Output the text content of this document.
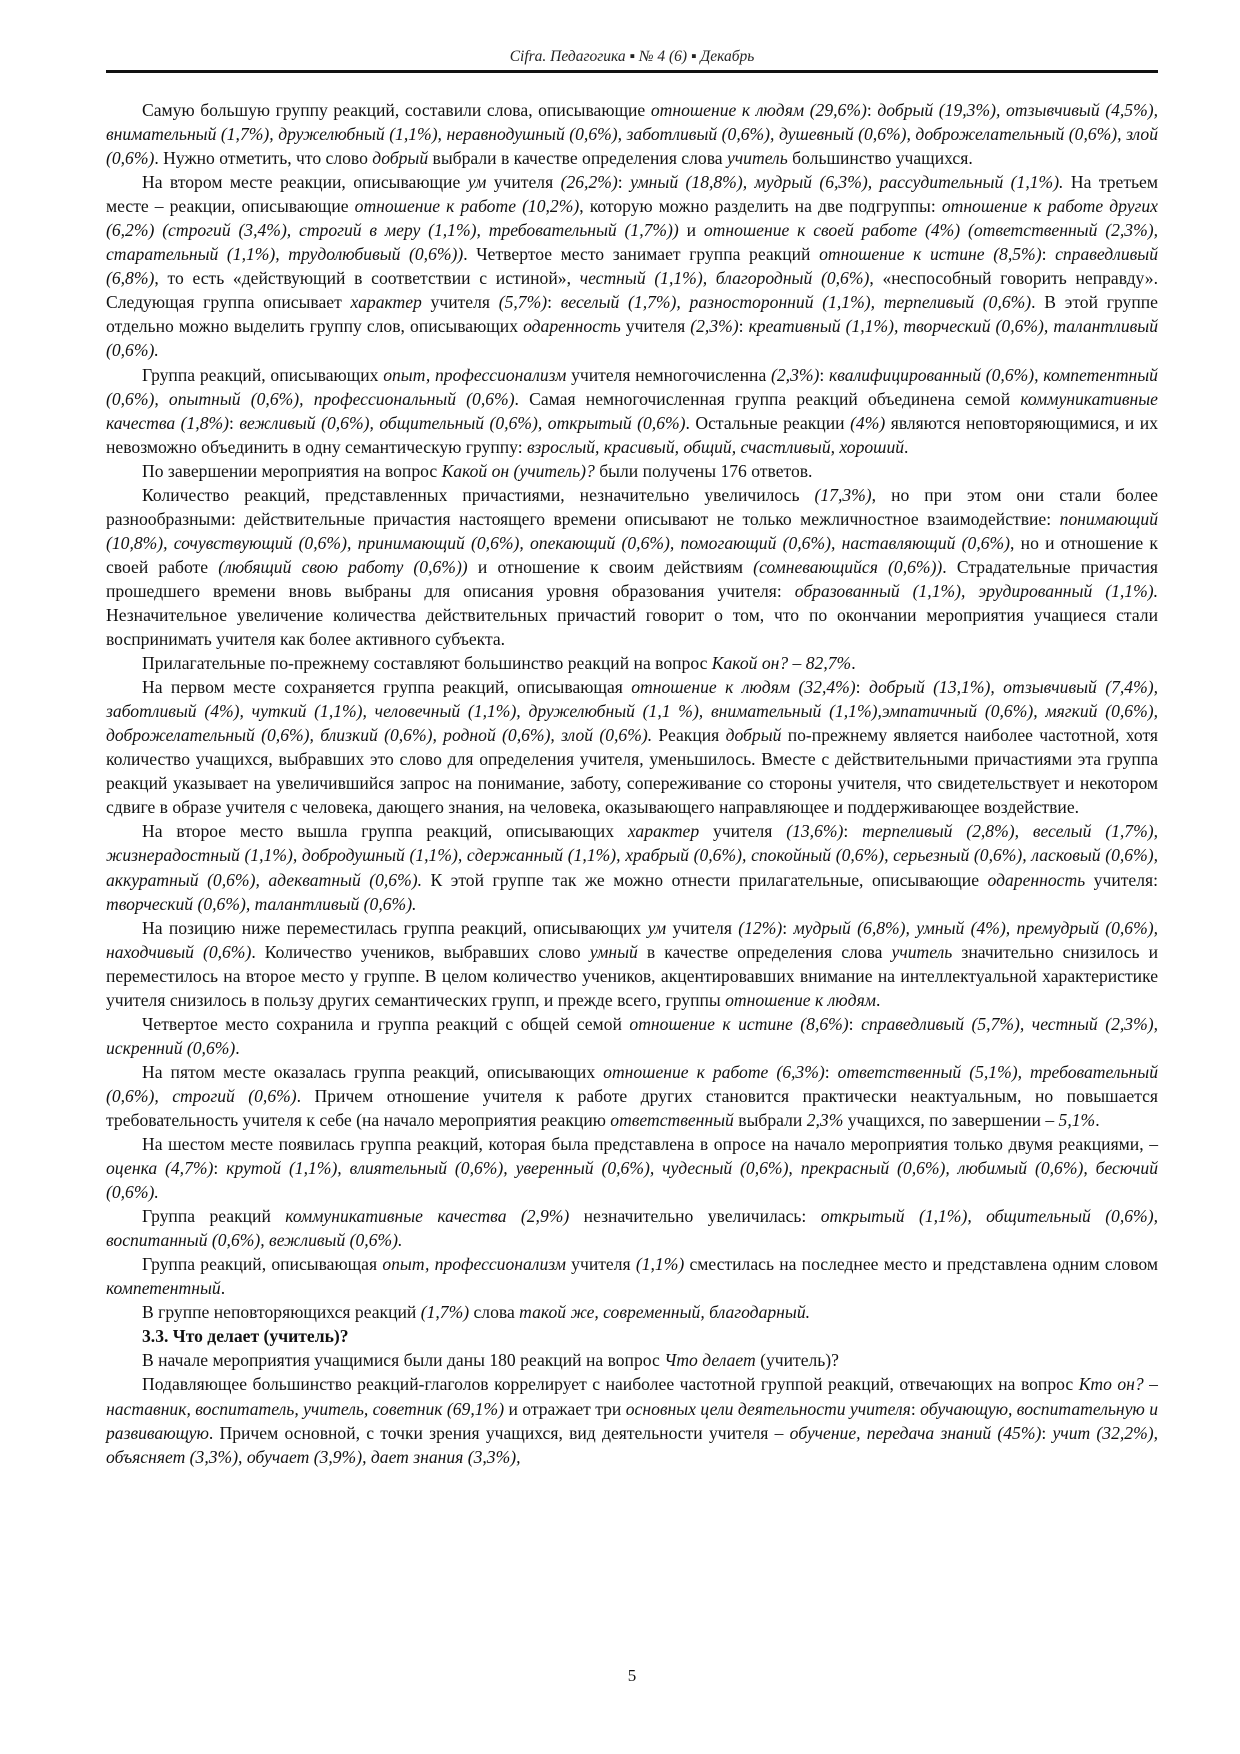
Cifra. Педагогика ▪ № 4 (6) ▪ Декабрь

Самую большую группу реакций, составили слова, описывающие отношение к людям (29,6%): добрый (19,3%), отзывчивый (4,5%), внимательный (1,7%), дружелюбный (1,1%), неравнодушный (0,6%), заботливый (0,6%), душевный (0,6%), доброжелательный (0,6%), злой (0,6%). Нужно отметить, что слово добрый выбрали в качестве определения слова учитель большинство учащихся.

На втором месте реакции, описывающие ум учителя (26,2%): умный (18,8%), мудрый (6,3%), рассудительный (1,1%). На третьем месте – реакции, описывающие отношение к работе (10,2%), которую можно разделить на две подгруппы: отношение к работе других (6,2%) (строгий (3,4%), строгий в меру (1,1%), требовательный (1,7%)) и отношение к своей работе (4%) (ответственный (2,3%), старательный (1,1%), трудолюбивый (0,6%)). Четвертое место занимает группа реакций отношение к истине (8,5%): справедливый (6,8%), то есть «действующий в соответствии с истиной», честный (1,1%), благородный (0,6%), «неспособный говорить неправду». Следующая группа описывает характер учителя (5,7%): веселый (1,7%), разносторонний (1,1%), терпеливый (0,6%). В этой группе отдельно можно выделить группу слов, описывающих одаренность учителя (2,3%): креативный (1,1%), творческий (0,6%), талантливый (0,6%).

Группа реакций, описывающих опыт, профессионализм учителя немногочисленна (2,3%): квалифицированный (0,6%), компетентный (0,6%), опытный (0,6%), профессиональный (0,6%). Самая немногочисленная группа реакций объединена семой коммуникативные качества (1,8%): вежливый (0,6%), общительный (0,6%), открытый (0,6%). Остальные реакции (4%) являются неповторяющимися, и их невозможно объединить в одну семантическую группу: взрослый, красивый, общий, счастливый, хороший.

По завершении мероприятия на вопрос Какой он (учитель)? были получены 176 ответов.

Количество реакций, представленных причастиями, незначительно увеличилось (17,3%), но при этом они стали более разнообразными: действительные причастия настоящего времени описывают не только межличностное взаимодействие: понимающий (10,8%), сочувствующий (0,6%), принимающий (0,6%), опекающий (0,6%), помогающий (0,6%), наставляющий (0,6%), но и отношение к своей работе (любящий свою работу (0,6%)) и отношение к своим действиям (сомневающийся (0,6%)). Страдательные причастия прошедшего времени вновь выбраны для описания уровня образования учителя: образованный (1,1%), эрудированный (1,1%). Незначительное увеличение количества действительных причастий говорит о том, что по окончании мероприятия учащиеся стали воспринимать учителя как более активного субъекта.

Прилагательные по-прежнему составляют большинство реакций на вопрос Какой он? – 82,7%.

На первом месте сохраняется группа реакций, описывающая отношение к людям (32,4%): добрый (13,1%), отзывчивый (7,4%), заботливый (4%), чуткий (1,1%), человечный (1,1%), дружелюбный (1,1 %), внимательный (1,1%),эмпатичный (0,6%), мягкий (0,6%), доброжелательный (0,6%), близкий (0,6%), родной (0,6%), злой (0,6%). Реакция добрый по-прежнему является наиболее частотной, хотя количество учащихся, выбравших это слово для определения учителя, уменьшилось. Вместе с действительными причастиями эта группа реакций указывает на увеличившийся запрос на понимание, заботу, сопереживание со стороны учителя, что свидетельствует и некотором сдвиге в образе учителя с человека, дающего знания, на человека, оказывающего направляющее и поддерживающее воздействие.

На второе место вышла группа реакций, описывающих характер учителя (13,6%): терпеливый (2,8%), веселый (1,7%), жизнерадостный (1,1%), добродушный (1,1%), сдержанный (1,1%), храбрый (0,6%), спокойный (0,6%), серьезный (0,6%), ласковый (0,6%), аккуратный (0,6%), адекватный (0,6%). К этой группе так же можно отнести прилагательные, описывающие одаренность учителя: творческий (0,6%), талантливый (0,6%).

На позицию ниже переместилась группа реакций, описывающих ум учителя (12%): мудрый (6,8%), умный (4%), премудрый (0,6%), находчивый (0,6%). Количество учеников, выбравших слово умный в качестве определения слова учитель значительно снизилось и переместилось на второе место у группе. В целом количество учеников, акцентировавших внимание на интеллектуальной характеристике учителя снизилось в пользу других семантических групп, и прежде всего, группы отношение к людям.

Четвертое место сохранила и группа реакций с общей семой отношение к истине (8,6%): справедливый (5,7%), честный (2,3%), искренний (0,6%).

На пятом месте оказалась группа реакций, описывающих отношение к работе (6,3%): ответственный (5,1%), требовательный (0,6%), строгий (0,6%). Причем отношение учителя к работе других становится практически неактуальным, но повышается требовательность учителя к себе (на начало мероприятия реакцию ответственный выбрали 2,3% учащихся, по завершении – 5,1%.

На шестом месте появилась группа реакций, которая была представлена в опросе на начало мероприятия только двумя реакциями, – оценка (4,7%): крутой (1,1%), влиятельный (0,6%), уверенный (0,6%), чудесный (0,6%), прекрасный (0,6%), любимый (0,6%), бесючий (0,6%).

Группа реакций коммуникативные качества (2,9%) незначительно увеличилась: открытый (1,1%), общительный (0,6%), воспитанный (0,6%), вежливый (0,6%).

Группа реакций, описывающая опыт, профессионализм учителя (1,1%) сместилась на последнее место и представлена одним словом компетентный.

В группе неповторяющихся реакций (1,7%) слова такой же, современный, благодарный.

3.3. Что делает (учитель)?

В начале мероприятия учащимися были даны 180 реакций на вопрос Что делает (учитель)?

Подавляющее большинство реакций-глаголов коррелирует с наиболее частотной группой реакций, отвечающих на вопрос Кто он? – наставник, воспитатель, учитель, советник (69,1%) и отражает три основных цели деятельности учителя: обучающую, воспитательную и развивающую. Причем основной, с точки зрения учащихся, вид деятельности учителя – обучение, передача знаний (45%): учит (32,2%), объясняет (3,3%), обучает (3,9%), дает знания (3,3%),

5
